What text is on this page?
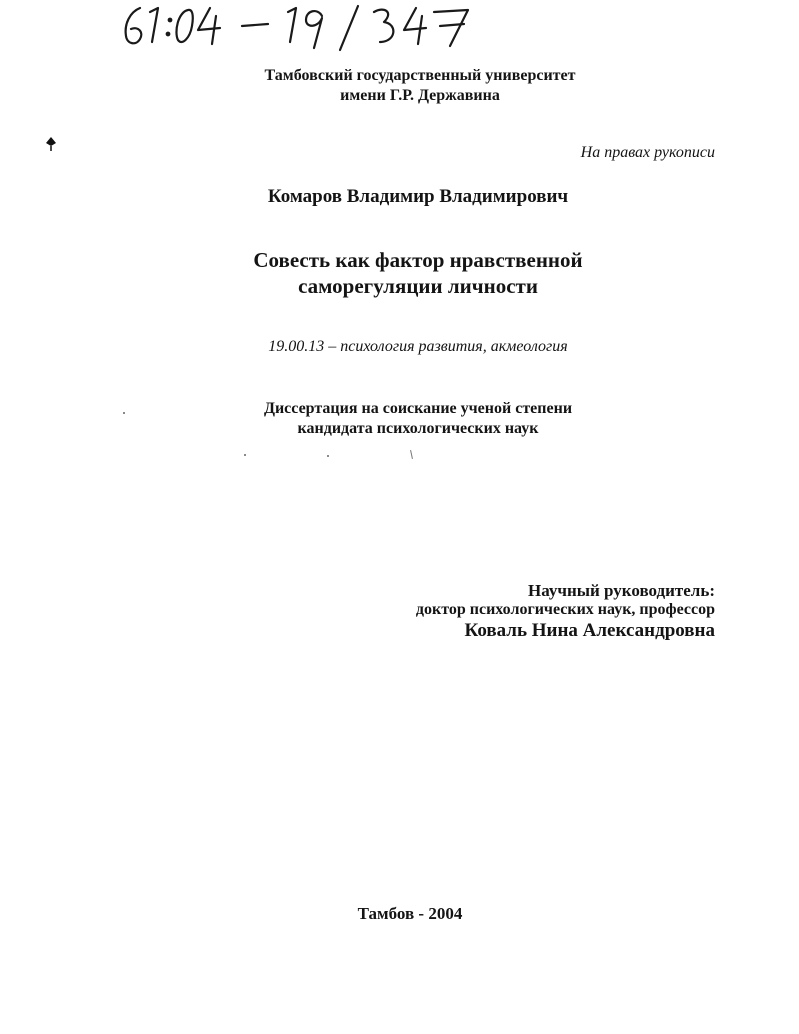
Тамбовский государственный университет
имени Г.Р. Державина
На правах рукописи
Комаров Владимир Владимирович
Совесть как фактор нравственной
саморегуляции личности
19.00.13 – психология развития, акмеология
Диссертация на соискание ученой степени
кандидата психологических наук
Научный руководитель:
доктор психологических наук, профессор
Коваль Нина Александровна
Тамбов - 2004
